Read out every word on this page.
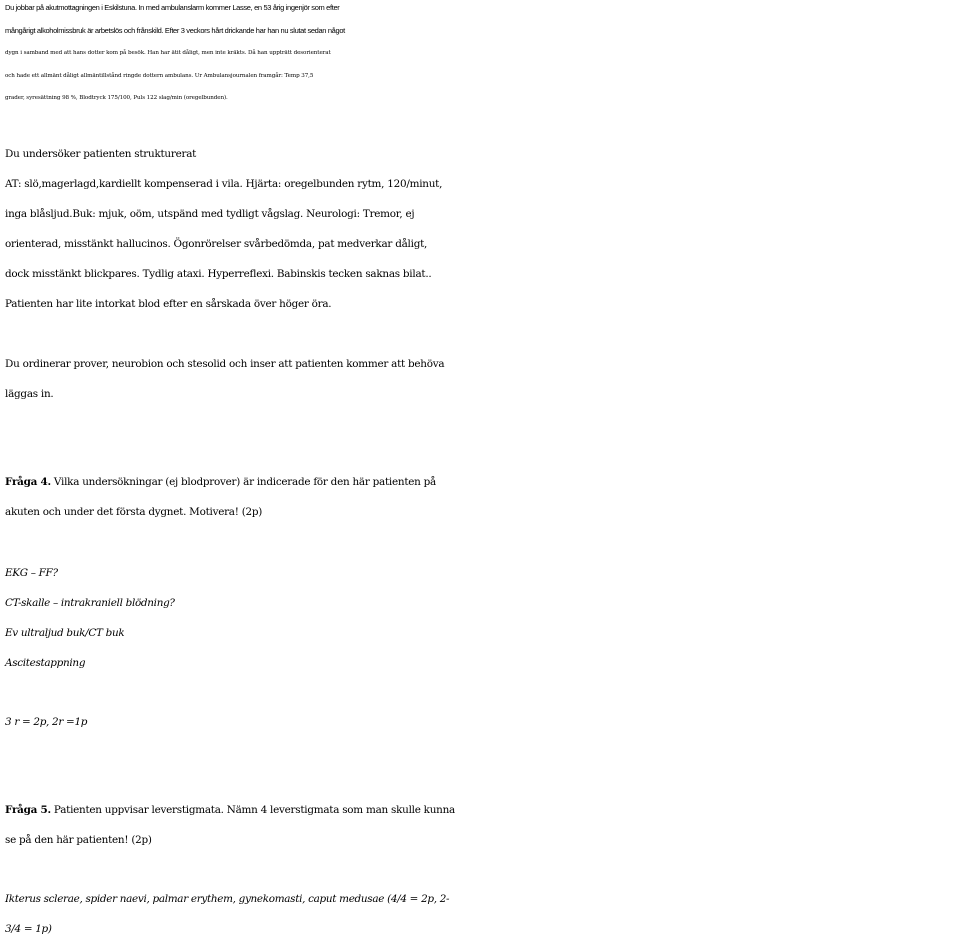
Du jobbar på akutmottagningen i Eskilstuna. In med ambulanslarm kommer Lasse, en 53 årig ingenjör som efter
mångårigt alkoholmissbruk är arbetslös och frånskild. Efter 3 veckors hårt drickande har han nu slutat sedan något

dygn i samband med att hans dotter kom på besök. Han har ätit dåligt, men inte kräkts. Då han uppträtt desorienterat
och hade ett allmänt dåligt allmäntillstånd ringde dottern ambulans. Ur Ambulansjournalen framgår: Temp 37,5
grader, syresättning 98 %, Blodtryck 175/100, Puls 122 slag/min (oregelbunden).

Du undersöker patienten strukturerat
AT: slö,magerlagd,kardiellt kompenserad i vila. Hjärta: oregelbunden rytm, 120/minut,
inga blåsljud.Buk: mjuk, oöm, utspänd med tydligt vågslag. Neurologi: Tremor, ej
orienterad, misstänkt hallucinos. Ögonrörelser svårbedömda, pat medverkar dåligt,
dock misstänkt blickpares. Tydlig ataxi. Hyperreflexi. Babinskis tecken saknas bilat..
Patienten har lite intorkat blod efter en sårskada över höger öra.

Du ordinerar prover, neurobion och stesolid och inser att patienten kommer att behöva
läggas in.

Fråga 4. Vilka undersökningar (ej blodprover) är indicerade för den här patienten på
akuten och under det första dygnet. Motivera! (2p)

EKG – FF?
CT-skalle – intrakraniell blödning?
Ev ultraljud buk/CT buk
Ascitestappning

3 r = 2p, 2r =1p

Fråga 5. Patienten uppvisar leverstigmata. Nämn 4 leverstigmata som man skulle kunna
se på den här patienten! (2p)

Ikterus sclerae, spider naevi, palmar erythem, gynekomasti, caput medusae (4/4 = 2p, 2-
3/4 = 1p)
